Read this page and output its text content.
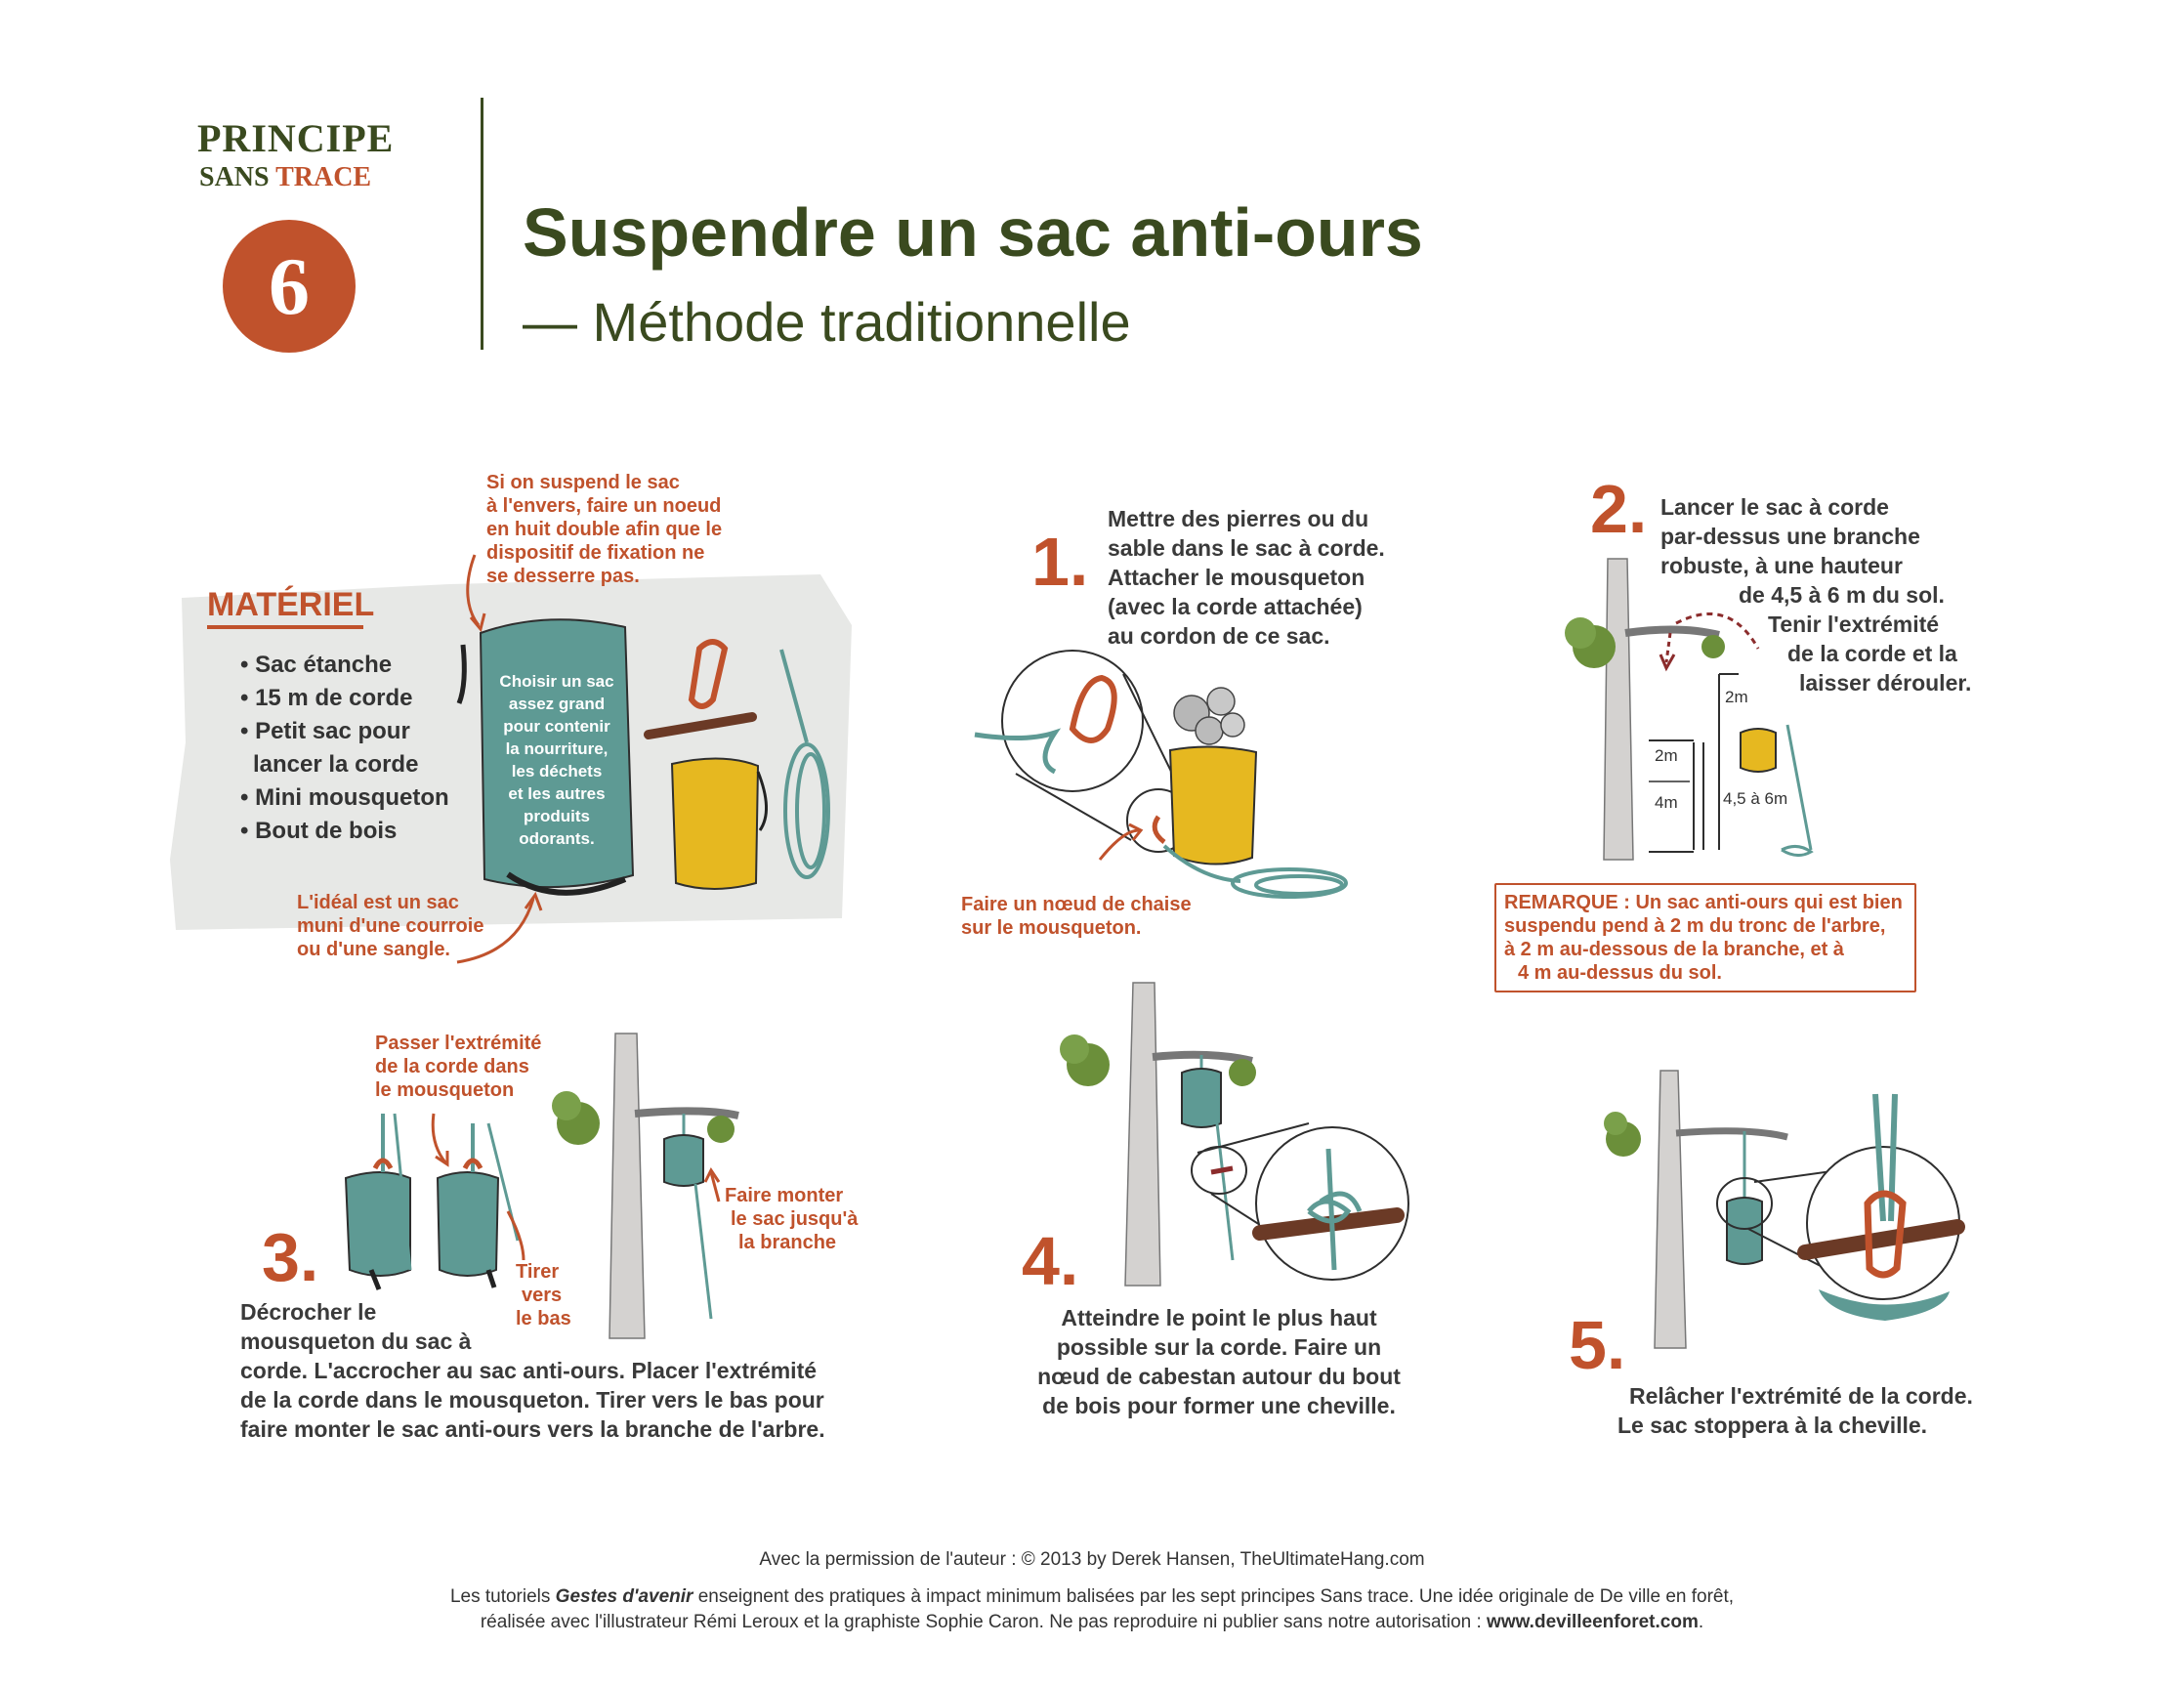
PRINCIPE
SANS TRACE
6
Suspendre un sac anti-ours
— Méthode traditionnelle
MATÉRIEL
• Sac étanche
• 15 m de corde
• Petit sac pour
lancer la corde
• Mini mousqueton
• Bout de bois
Si on suspend le sac
à l'envers, faire un noeud
en huit double afin que le
dispositif de fixation ne
se desserre pas.
Choisir un sac
assez grand
pour contenir
la nourriture,
les déchets
et les autres
produits
odorants.
L'idéal est un sac
muni d'une courroie
ou d'une sangle.
1.
Mettre des pierres ou du
sable dans le sac à corde.
Attacher le mousqueton
(avec la corde attachée)
au cordon de ce sac.
Faire un nœud de chaise
sur le mousqueton.
2. Lancer le sac à corde
par-dessus une branche
robuste, à une hauteur
de 4,5 à 6 m du sol.
Tenir l'extrémité
de la corde et la
laisser dérouler.
2m
2m
4m	4,5 à 6m
REMARQUE : Un sac anti-ours qui est bien
suspendu pend à 2 m du tronc de l'arbre,
à 2 m au-dessous de la branche, et à
4 m au-dessus du sol.
Passer l'extrémité
de la corde dans
le mousqueton
Tirer
vers
le bas
Faire monter
le sac jusqu'à
la branche
3.
Décrocher le
mousqueton du sac à
corde. L'accrocher au sac anti-ours. Placer l'extrémité
de la corde dans le mousqueton. Tirer vers le bas pour
faire monter le sac anti-ours vers la branche de l'arbre.
4.
Atteindre le point le plus haut
possible sur la corde. Faire un
nœud de cabestan autour du bout
de bois pour former une cheville.
5.
Relâcher l'extrémité de la corde.
Le sac stoppera à la cheville.
Avec la permission de l'auteur : © 2013 by Derek Hansen, TheUltimateHang.com
Les tutoriels Gestes d'avenir enseignent des pratiques à impact minimum balisées par les sept principes Sans trace. Une idée originale de De ville en forêt,
réalisée avec l'illustrateur Rémi Leroux et la graphiste Sophie Caron. Ne pas reproduire ni publier sans notre autorisation : www.devilleenforet.com.
